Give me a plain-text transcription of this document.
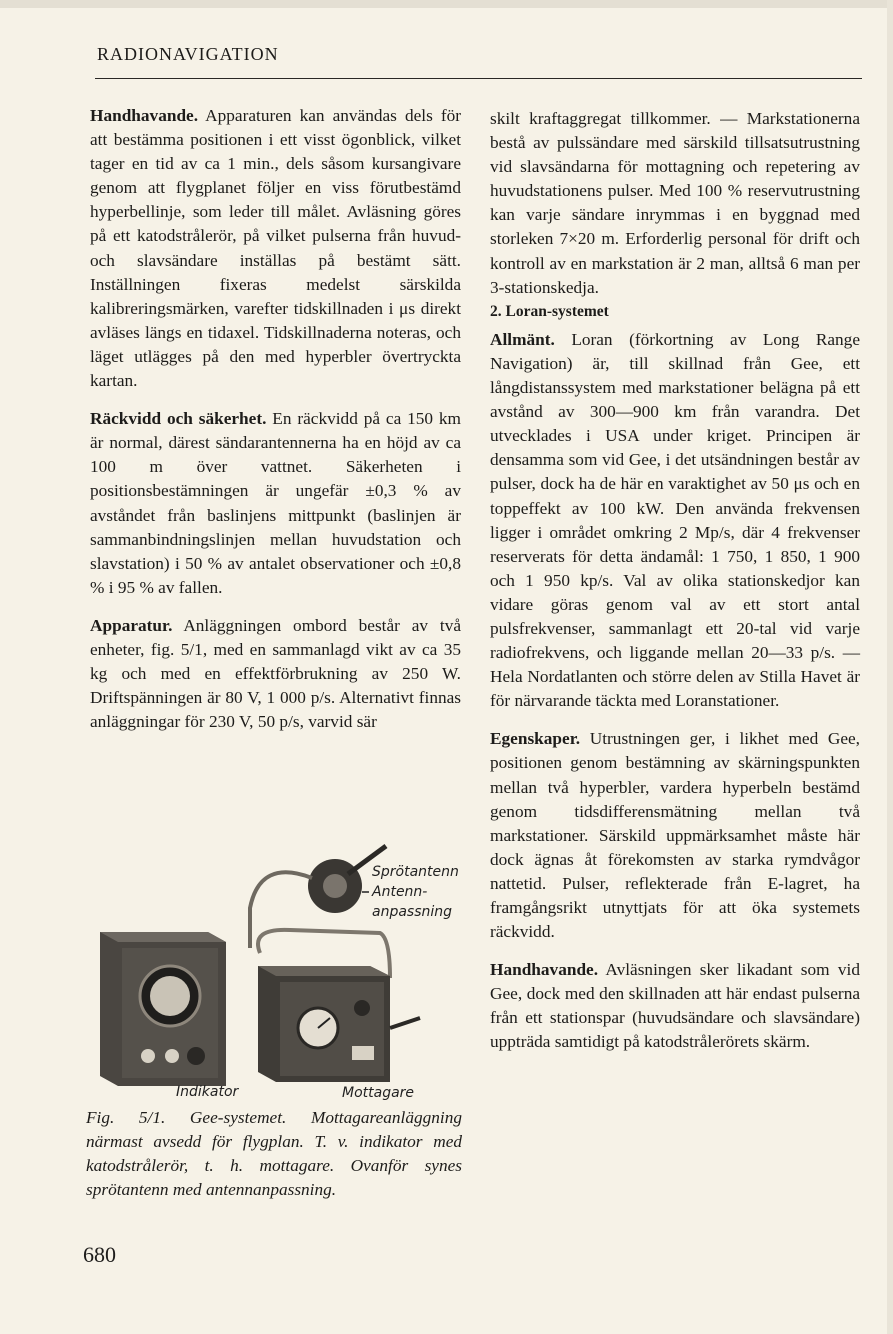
RADIONAVIGATION

Handhavande. Apparaturen kan användas dels för att bestämma positionen i ett visst ögonblick, vilket tager en tid av ca 1 min., dels såsom kursangivare genom att flygplanet följer en viss förutbestämd hyperbellinje, som leder till målet. Avläsning göres på ett katodstrålerör, på vilket pulserna från huvud- och slavsändare inställas på bestämt sätt. Inställningen fixeras medelst särskilda kalibreringsmärken, varefter tidskillnaden i μs direkt avläses längs en tidaxel. Tidskillnaderna noteras, och läget utlägges på den med hyperbler övertryckta kartan.

Räckvidd och säkerhet. En räckvidd på ca 150 km är normal, därest sändarantennerna ha en höjd av ca 100 m över vattnet. Säkerheten i positionsbestämningen är ungefär ±0,3 % av avståndet från baslinjens mittpunkt (baslinjen är sammanbindningslinjen mellan huvudstation och slavstation) i 50 % av antalet observationer och ±0,8 % i 95 % av fallen.

Apparatur. Anläggningen ombord består av två enheter, fig. 5/1, med en sammanlagd vikt av ca 35 kg och med en effektförbrukning av 250 W. Driftspänningen är 80 V, 1 000 p/s. Alternativt finnas anläggningar för 230 V, 50 p/s, varvid sär

Sprötantenn
Antenn-
anpassning
Indikator	Mottagare

Fig. 5/1. Gee-systemet. Mottagareanläggning närmast avsedd för flygplan. T. v. indikator med katodstrålerör, t. h. mottagare. Ovanför synes sprötantenn med antennanpassning.

skilt kraftaggregat tillkommer. — Markstationerna bestå av pulssändare med särskild tillsatsutrustning vid slavsändarna för mottagning och repetering av huvudstationens pulser. Med 100 % reservutrustning kan varje sändare inrymmas i en byggnad med storleken 7×20 m. Erforderlig personal för drift och kontroll av en markstation är 2 man, alltså 6 man per 3-stationskedja.

2. Loran-systemet

Allmänt. Loran (förkortning av Long Range Navigation) är, till skillnad från Gee, ett långdistanssystem med markstationer belägna på ett avstånd av 300—900 km från varandra. Det utvecklades i USA under kriget. Principen är densamma som vid Gee, i det utsändningen består av pulser, dock ha de här en varaktighet av 50 μs och en toppeffekt av 100 kW. Den använda frekvensen ligger i området omkring 2 Mp/s, där 4 frekvenser reserverats för detta ändamål: 1 750, 1 850, 1 900 och 1 950 kp/s. Val av olika stationskedjor kan vidare göras genom val av ett stort antal pulsfrekvenser, sammanlagt ett 20-tal vid varje radiofrekvens, och liggande mellan 20—33 p/s. — Hela Nordatlanten och större delen av Stilla Havet är för närvarande täckta med Loranstationer.

Egenskaper. Utrustningen ger, i likhet med Gee, positionen genom bestämning av skärningspunkten mellan två hyperbler, vardera hyperbeln bestämd genom tidsdifferensmätning mellan två markstationer. Särskild uppmärksamhet måste här dock ägnas åt förekomsten av starka rymdvågor nattetid. Pulser, reflekterade från E-lagret, ha framgångsrikt utnyttjats för att öka systemets räckvidd.

Handhavande. Avläsningen sker likadant som vid Gee, dock med den skillnaden att här endast pulserna från ett stationspar (huvudsändare och slavsändare) uppträda samtidigt på katodstrålerörets skärm.

680
